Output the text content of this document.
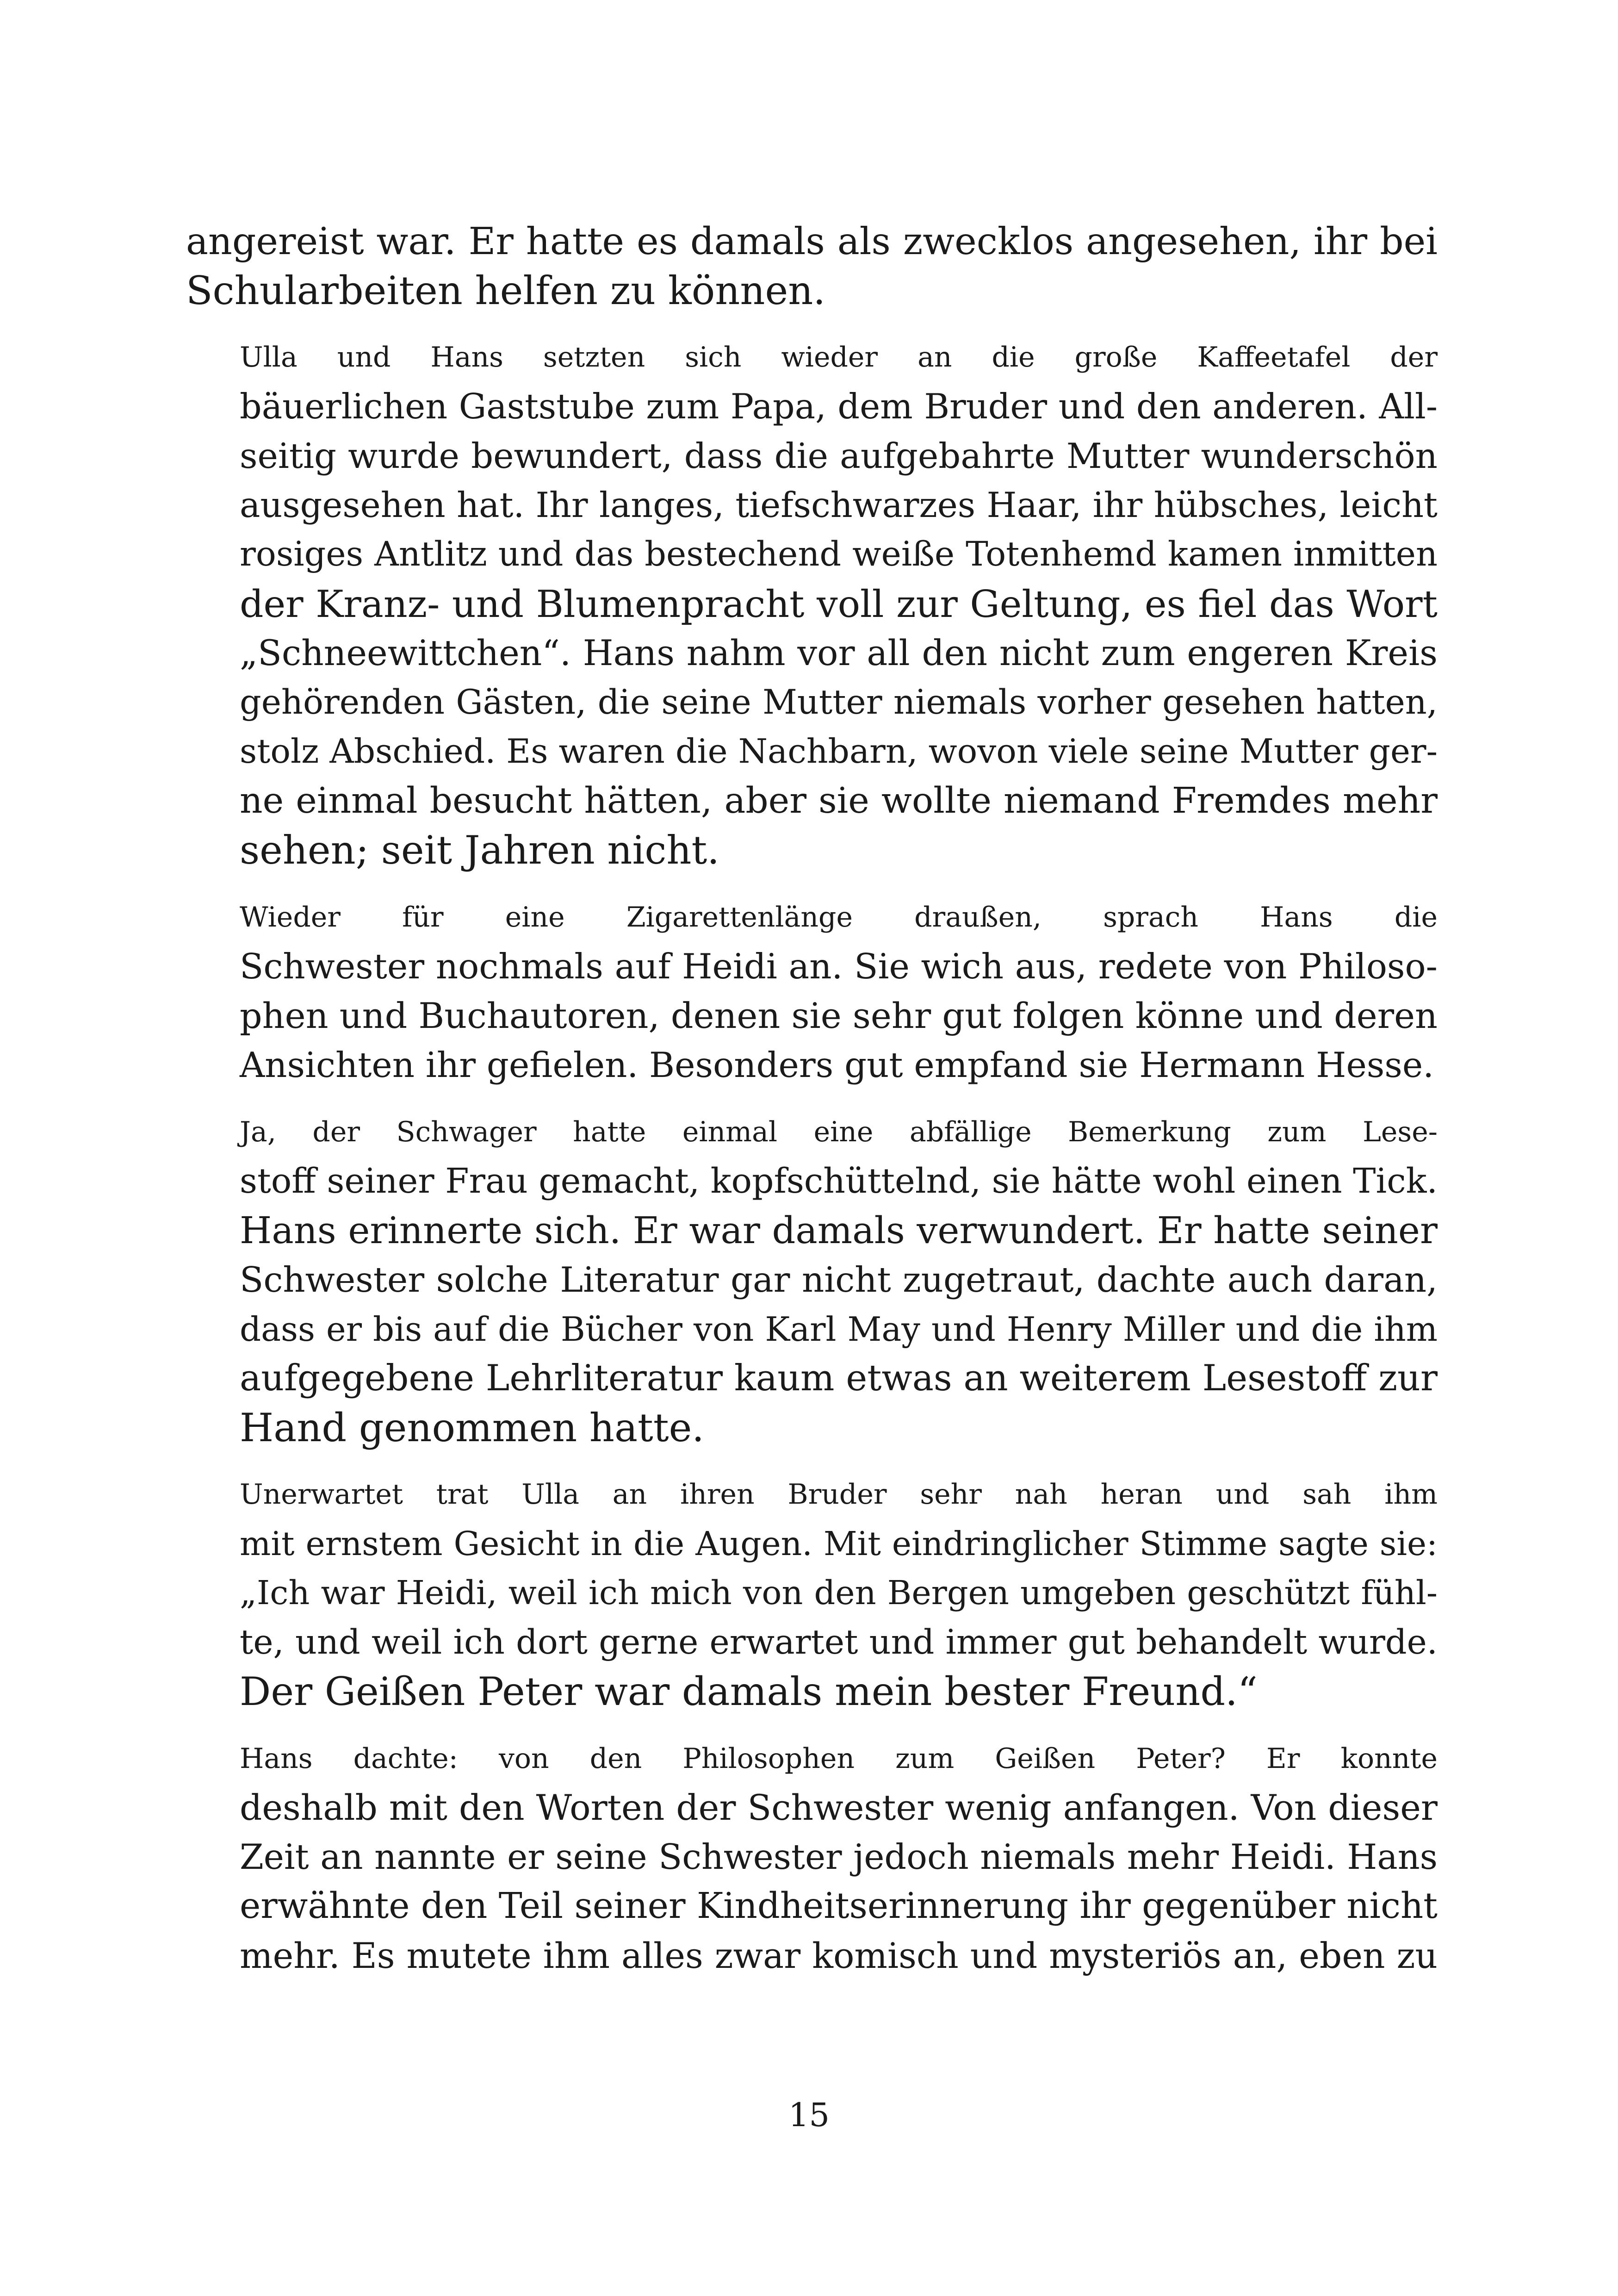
angereist war. Er hatte es damals als zwecklos angesehen, ihr bei
Schularbeiten helfen zu können.

Ulla und Hans setzten sich wieder an die große Kaffeetafel der
bäuerlichen Gaststube zum Papa, dem Bruder und den anderen. All-
seitig wurde bewundert, dass die aufgebahrte Mutter wunderschön
ausgesehen hat. Ihr langes, tiefschwarzes Haar, ihr hübsches, leicht
rosiges Antlitz und das bestechend weiße Totenhemd kamen inmitten
der Kranz- und Blumenpracht voll zur Geltung, es fiel das Wort
„Schneewittchen“. Hans nahm vor all den nicht zum engeren Kreis
gehörenden Gästen, die seine Mutter niemals vorher gesehen hatten,
stolz Abschied. Es waren die Nachbarn, wovon viele seine Mutter ger-
ne einmal besucht hätten, aber sie wollte niemand Fremdes mehr
sehen; seit Jahren nicht.

Wieder für eine Zigarettenlänge draußen, sprach Hans die
Schwester nochmals auf Heidi an. Sie wich aus, redete von Philoso-
phen und Buchautoren, denen sie sehr gut folgen könne und deren
Ansichten ihr gefielen. Besonders gut empfand sie Hermann Hesse.

Ja, der Schwager hatte einmal eine abfällige Bemerkung zum Lese-
stoff seiner Frau gemacht, kopfschüttelnd, sie hätte wohl einen Tick.
Hans erinnerte sich. Er war damals verwundert. Er hatte seiner
Schwester solche Literatur gar nicht zugetraut, dachte auch daran,
dass er bis auf die Bücher von Karl May und Henry Miller und die ihm
aufgegebene Lehrliteratur kaum etwas an weiterem Lesestoff zur
Hand genommen hatte.

Unerwartet trat Ulla an ihren Bruder sehr nah heran und sah ihm
mit ernstem Gesicht in die Augen. Mit eindringlicher Stimme sagte sie:
„Ich war Heidi, weil ich mich von den Bergen umgeben geschützt fühl-
te, und weil ich dort gerne erwartet und immer gut behandelt wurde.
Der Geißen Peter war damals mein bester Freund.“

Hans dachte: von den Philosophen zum Geißen Peter? Er konnte
deshalb mit den Worten der Schwester wenig anfangen. Von dieser
Zeit an nannte er seine Schwester jedoch niemals mehr Heidi. Hans
erwähnte den Teil seiner Kindheitserinnerung ihr gegenüber nicht
mehr. Es mutete ihm alles zwar komisch und mysteriös an, eben zu

15
